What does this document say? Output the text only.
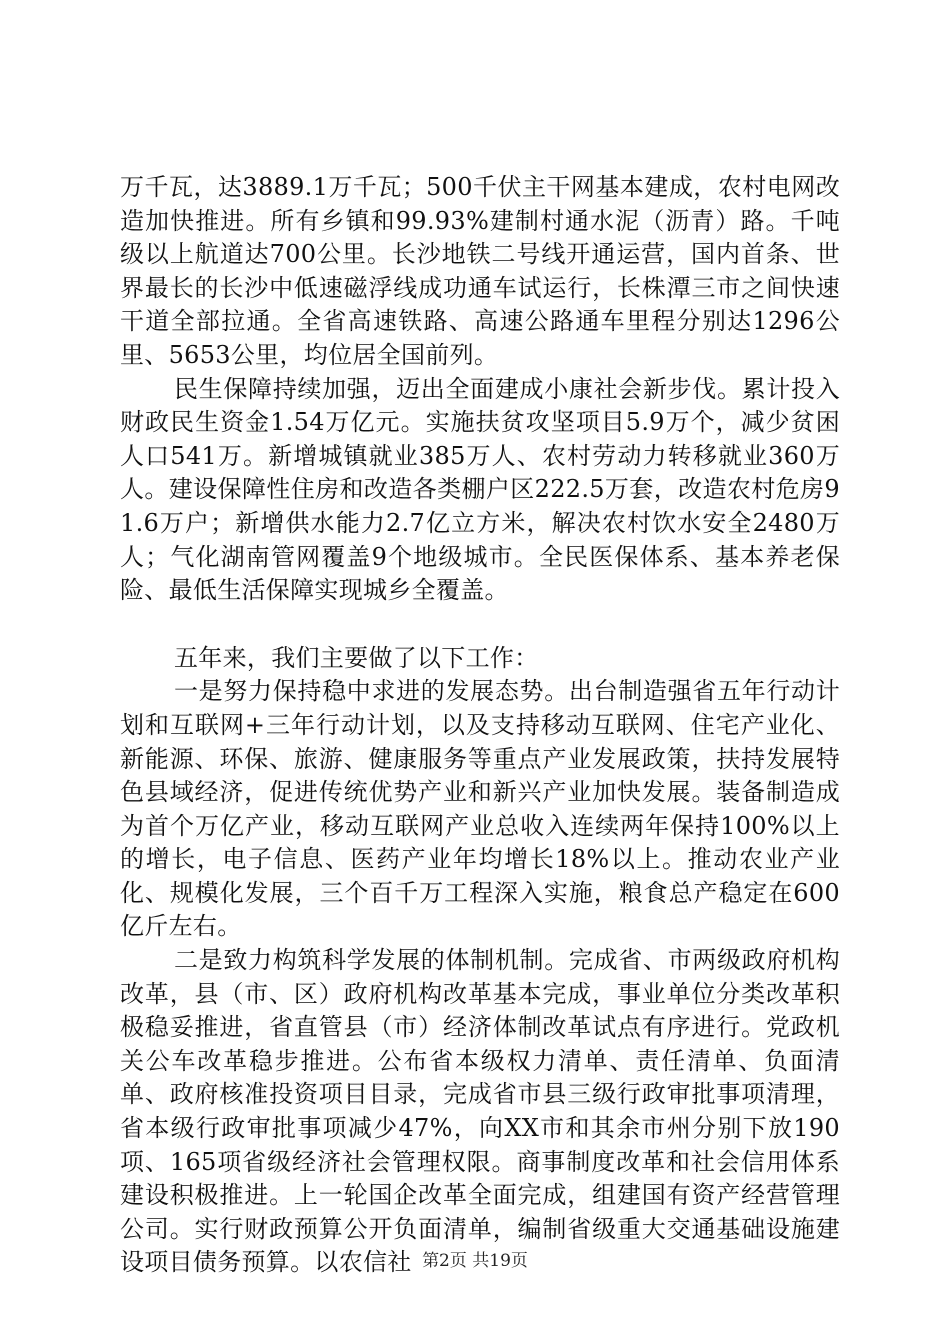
万千瓦，达3889.1万千瓦；500千伏主干网基本建成，农村电网改造加快推进。所有乡镇和99.93%建制村通水泥（沥青）路。千吨级以上航道达700公里。长沙地铁二号线开通运营，国内首条、世界最长的长沙中低速磁浮线成功通车试运行，长株潭三市之间快速干道全部拉通。全省高速铁路、高速公路通车里程分别达1296公里、5653公里，均位居全国前列。

民生保障持续加强，迈出全面建成小康社会新步伐。累计投入财政民生资金1.54万亿元。实施扶贫攻坚项目5.9万个，减少贫困人口541万。新增城镇就业385万人、农村劳动力转移就业360万人。建设保障性住房和改造各类棚户区222.5万套，改造农村危房91.6万户；新增供水能力2.7亿立方米，解决农村饮水安全2480万人；气化湖南管网覆盖9个地级城市。全民医保体系、基本养老保险、最低生活保障实现城乡全覆盖。

五年来，我们主要做了以下工作：

一是努力保持稳中求进的发展态势。出台制造强省五年行动计划和互联网+三年行动计划，以及支持移动互联网、住宅产业化、新能源、环保、旅游、健康服务等重点产业发展政策，扶持发展特色县域经济，促进传统优势产业和新兴产业加快发展。装备制造成为首个万亿产业，移动互联网产业总收入连续两年保持100%以上的增长，电子信息、医药产业年均增长18%以上。推动农业产业化、规模化发展，三个百千万工程深入实施，粮食总产稳定在600亿斤左右。

二是致力构筑科学发展的体制机制。完成省、市两级政府机构改革，县（市、区）政府机构改革基本完成，事业单位分类改革积极稳妥推进，省直管县（市）经济体制改革试点有序进行。党政机关公车改革稳步推进。公布省本级权力清单、责任清单、负面清单、政府核准投资项目目录，完成省市县三级行政审批事项清理，省本级行政审批事项减少47%，向XX市和其余市州分别下放190项、165项省级经济社会管理权限。商事制度改革和社会信用体系建设积极推进。上一轮国企改革全面完成，组建国有资产经营管理公司。实行财政预算公开负面清单，编制省级重大交通基础设施建设项目债务预算。以农信社 第2页 共19页
